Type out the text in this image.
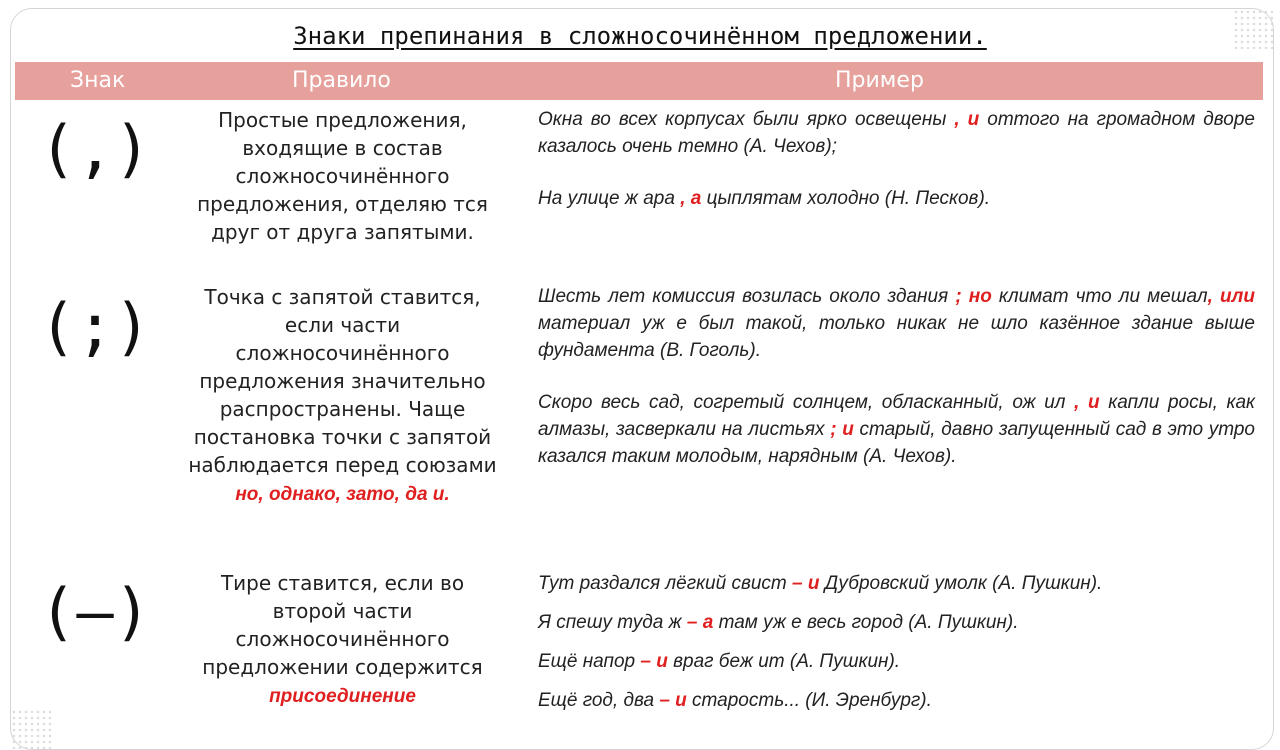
Знаки препинания в сложносочинённом предложении.
Знак	Правило	Пример
(,)	Простые предложения, входящие в состав сложносочинённого предложения, отделяю тся друг от друга запятыми.
Окна во всех корпусах были ярко освещены , и оттого на громадном дворе казалось очень темно (А. Чехов);
На улице ж ара , а цыплятам холодно (Н. Песков).
(;)	Точка с запятой ставится, если части сложносочинённого предложения значительно распространены. Чаще постановка точки с запятой наблюдается перед союзами но, однако, зато, да и.
Шесть лет комиссия возилась около здания ; но климат что ли мешал, или материал уж е был такой, только никак не шло казённое здание выше фундамента (В. Гоголь).
Скоро весь сад, согретый солнцем, обласканный, ож ил , и капли росы, как алмазы, засверкали на листьях ; и старый, давно запущенный сад в это утро казался таким молодым, нарядным (А. Чехов).
(–)	Тире ставится, если во второй части сложносочинённого предложении содержится присоединение
Тут раздался лёгкий свист – и Дубровский умолк (А. Пушкин).
Я спешу туда ж – а там уж е весь город (А. Пушкин).
Ещё напор – и враг беж ит (А. Пушкин).
Ещё год, два – и старость... (И. Эренбург).
